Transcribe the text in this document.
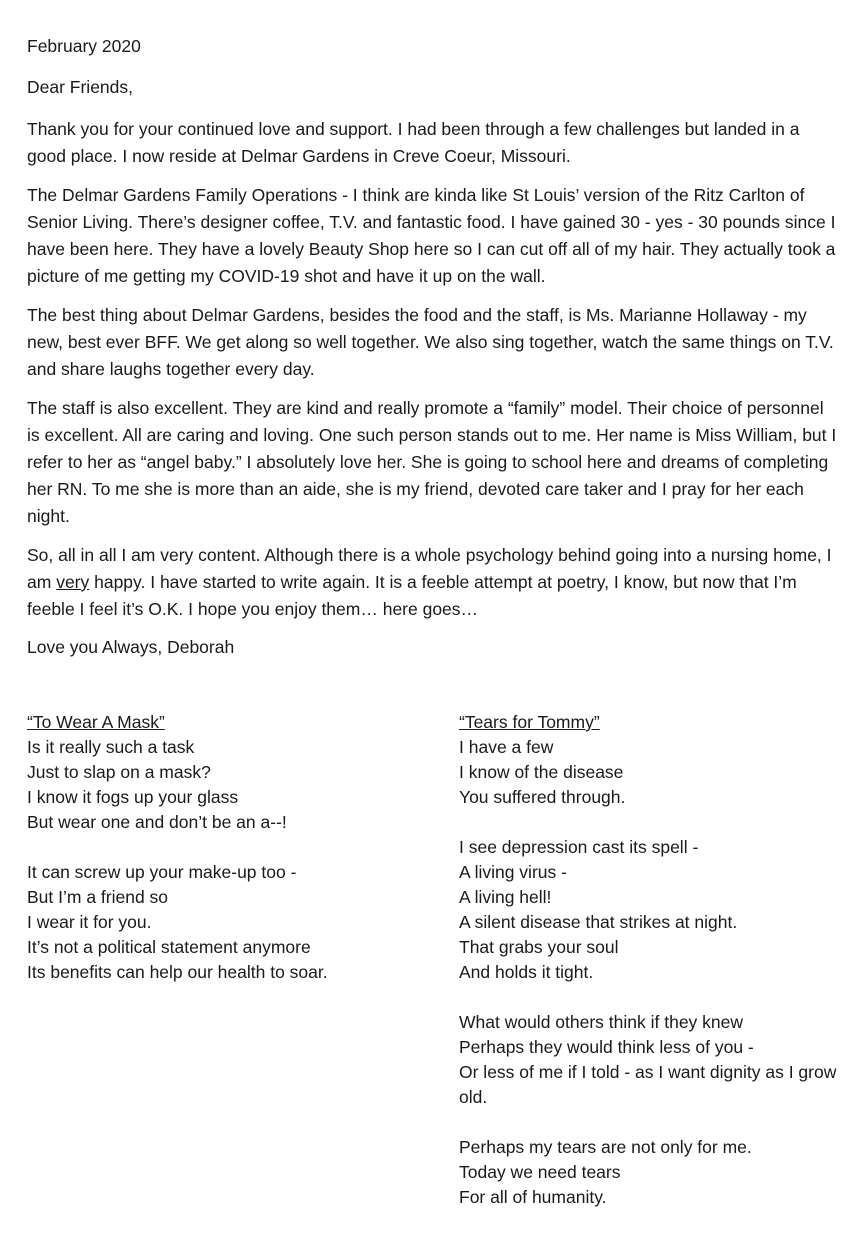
February 2020

Dear Friends,

Thank you for your continued love and support. I had been through a few challenges but landed in a good place. I now reside at Delmar Gardens in Creve Coeur, Missouri.

The Delmar Gardens Family Operations - I think are kinda like St Louis’ version of the Ritz Carlton of Senior Living. There’s designer coffee, T.V. and fantastic food. I have gained 30 - yes - 30 pounds since I have been here. They have a lovely Beauty Shop here so I can cut off all of my hair. They actually took a picture of me getting my COVID-19 shot and have it up on the wall.

The best thing about Delmar Gardens, besides the food and the staff, is Ms. Marianne Hollaway - my new, best ever BFF. We get along so well together. We also sing together, watch the same things on T.V. and share laughs together every day.

The staff is also excellent. They are kind and really promote a “family” model. Their choice of personnel is excellent. All are caring and loving. One such person stands out to me. Her name is Miss William, but I refer to her as “angel baby.” I absolutely love her. She is going to school here and dreams of completing her RN. To me she is more than an aide, she is my friend, devoted care taker and I pray for her each night.

So, all in all I am very content. Although there is a whole psychology behind going into a nursing home, I am very happy. I have started to write again. It is a feeble attempt at poetry, I know, but now that I’m feeble I feel it’s O.K. I hope you enjoy them… here goes…

Love you Always, Deborah

“To Wear A Mask”

Is it really such a task
Just to slap on a mask?
I know it fogs up your glass
But wear one and don’t be an a--!
It can screw up your make-up too -
But I’m a friend so
I wear it for you.
It’s not a political statement anymore
Its benefits can help our health to soar.

“Tears for Tommy”

I have a few
I know of the disease
You suffered through.
I see depression cast its spell -
A living virus -
A living hell!
A silent disease that strikes at night.
That grabs your soul
And holds it tight.
What would others think if they knew
Perhaps they would think less of you -
Or less of me if I told - as I want dignity as I grow old.
Perhaps my tears are not only for me.
Today we need tears
For all of humanity.
